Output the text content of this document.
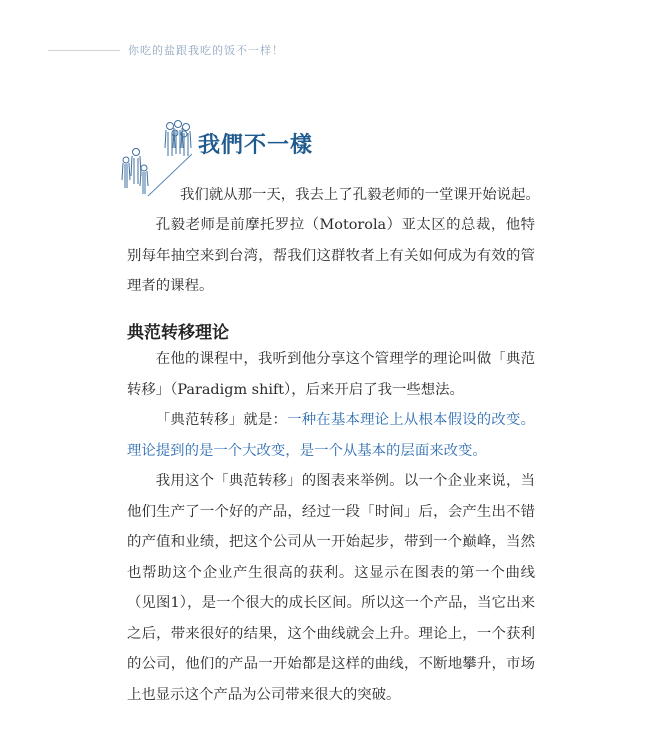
你吃的盐跟我吃的饭不一样！
我們不一樣

我们就从那一天，我去上了孔毅老师的一堂课开始说起。

孔毅老师是前摩托罗拉（Motorola）亚太区的总裁，他特别每年抽空来到台湾，帮我们这群牧者上有关如何成为有效的管理者的课程。

典范转移理论

在他的课程中，我听到他分享这个管理学的理论叫做「典范转移」（Paradigm shift），后来开启了我一些想法。

「典范转移」就是：一种在基本理论上从根本假设的改变。理论提到的是一个大改变，是一个从基本的层面来改变。

我用这个「典范转移」的图表来举例。以一个企业来说，当他们生产了一个好的产品，经过一段「时间」后，会产生出不错的产值和业绩，把这个公司从一开始起步，带到一个巅峰，当然也帮助这个企业产生很高的获利。这显示在图表的第一个曲线（见图1），是一个很大的成长区间。所以这一个产品，当它出来之后，带来很好的结果，这个曲线就会上升。理论上，一个获利的公司，他们的产品一开始都是这样的曲线，不断地攀升，市场上也显示这个产品为公司带来很大的突破。
